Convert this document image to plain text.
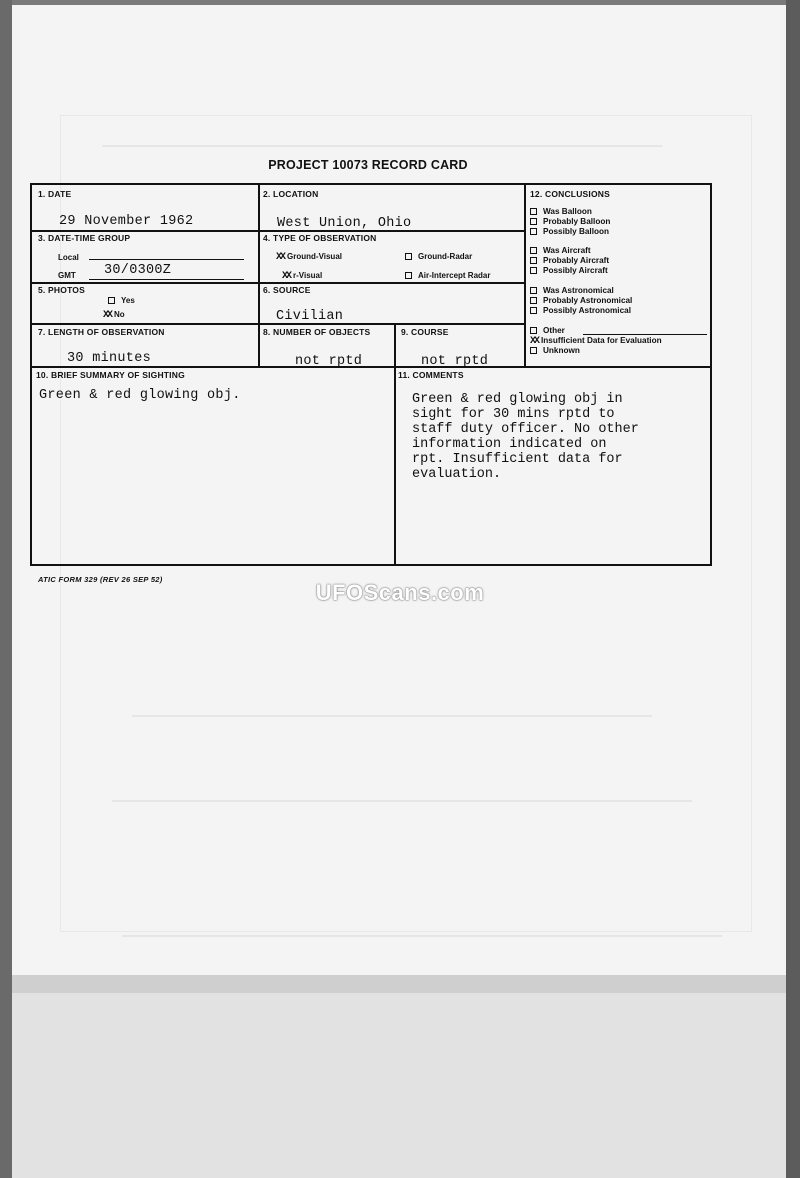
PROJECT 10073 RECORD CARD
1. DATE
29 November 1962
2. LOCATION
West Union, Ohio
3. DATE-TIME GROUP
Local
GMT 30/0300Z
4. TYPE OF OBSERVATION
XX Ground-Visual	Ground-Radar
XX r-Visual	Air-Intercept Radar
5. PHOTOS
Yes
XX No
6. SOURCE
Civilian
7. LENGTH OF OBSERVATION
30 minutes
8. NUMBER OF OBJECTS
not rptd
9. COURSE
not rptd
10. BRIEF SUMMARY OF SIGHTING
Green & red glowing obj.
11. COMMENTS
Green & red glowing obj in
sight for 30 mins rptd to
staff duty officer. No other
information indicated on
rpt. Insufficient data for
evaluation.
12. CONCLUSIONS
Was Balloon
Probably Balloon
Possibly Balloon
Was Aircraft
Probably Aircraft
Possibly Aircraft
Was Astronomical
Probably Astronomical
Possibly Astronomical
Other
XX Insufficient Data for Evaluation
Unknown
ATIC FORM 329 (REV 26 SEP 52)
UFOScans.com
